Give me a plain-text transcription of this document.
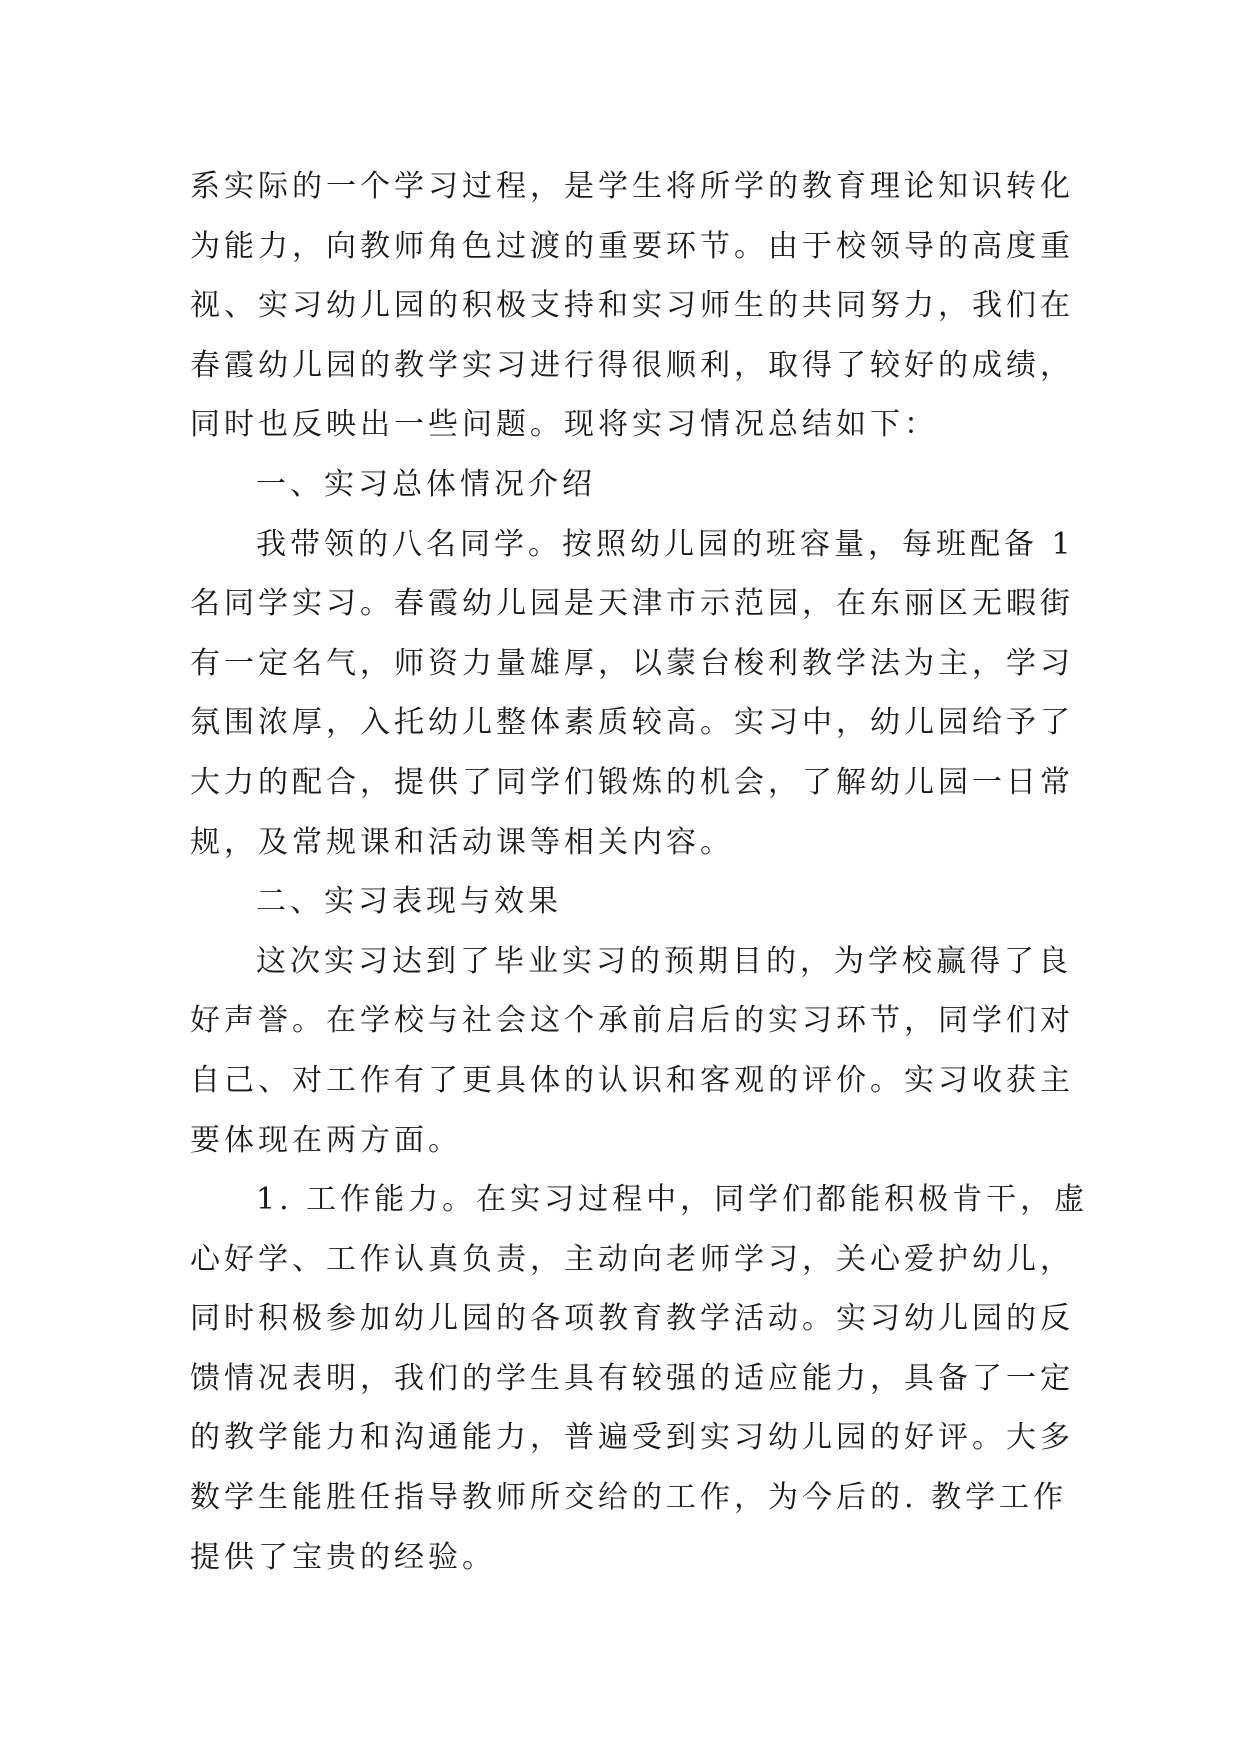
系实际的一个学习过程，是学生将所学的教育理论知识转化
为能力，向教师角色过渡的重要环节。由于校领导的高度重
视、实习幼儿园的积极支持和实习师生的共同努力，我们在
春霞幼儿园的教学实习进行得很顺利，取得了较好的成绩，
同时也反映出一些问题。现将实习情况总结如下：
一、实习总体情况介绍
我带领的八名同学。按照幼儿园的班容量，每班配备 1
名同学实习。春霞幼儿园是天津市示范园，在东丽区无暇街
有一定名气，师资力量雄厚，以蒙台梭利教学法为主，学习
氛围浓厚，入托幼儿整体素质较高。实习中，幼儿园给予了
大力的配合，提供了同学们锻炼的机会，了解幼儿园一日常
规，及常规课和活动课等相关内容。
二、实习表现与效果
这次实习达到了毕业实习的预期目的，为学校赢得了良
好声誉。在学校与社会这个承前启后的实习环节，同学们对
自己、对工作有了更具体的认识和客观的评价。实习收获主
要体现在两方面。
1. 工作能力。在实习过程中，同学们都能积极肯干，虚
心好学、工作认真负责，主动向老师学习，关心爱护幼儿，
同时积极参加幼儿园的各项教育教学活动。实习幼儿园的反
馈情况表明，我们的学生具有较强的适应能力，具备了一定
的教学能力和沟通能力，普遍受到实习幼儿园的好评。大多
数学生能胜任指导教师所交给的工作，为今后的. 教学工作
提供了宝贵的经验。
